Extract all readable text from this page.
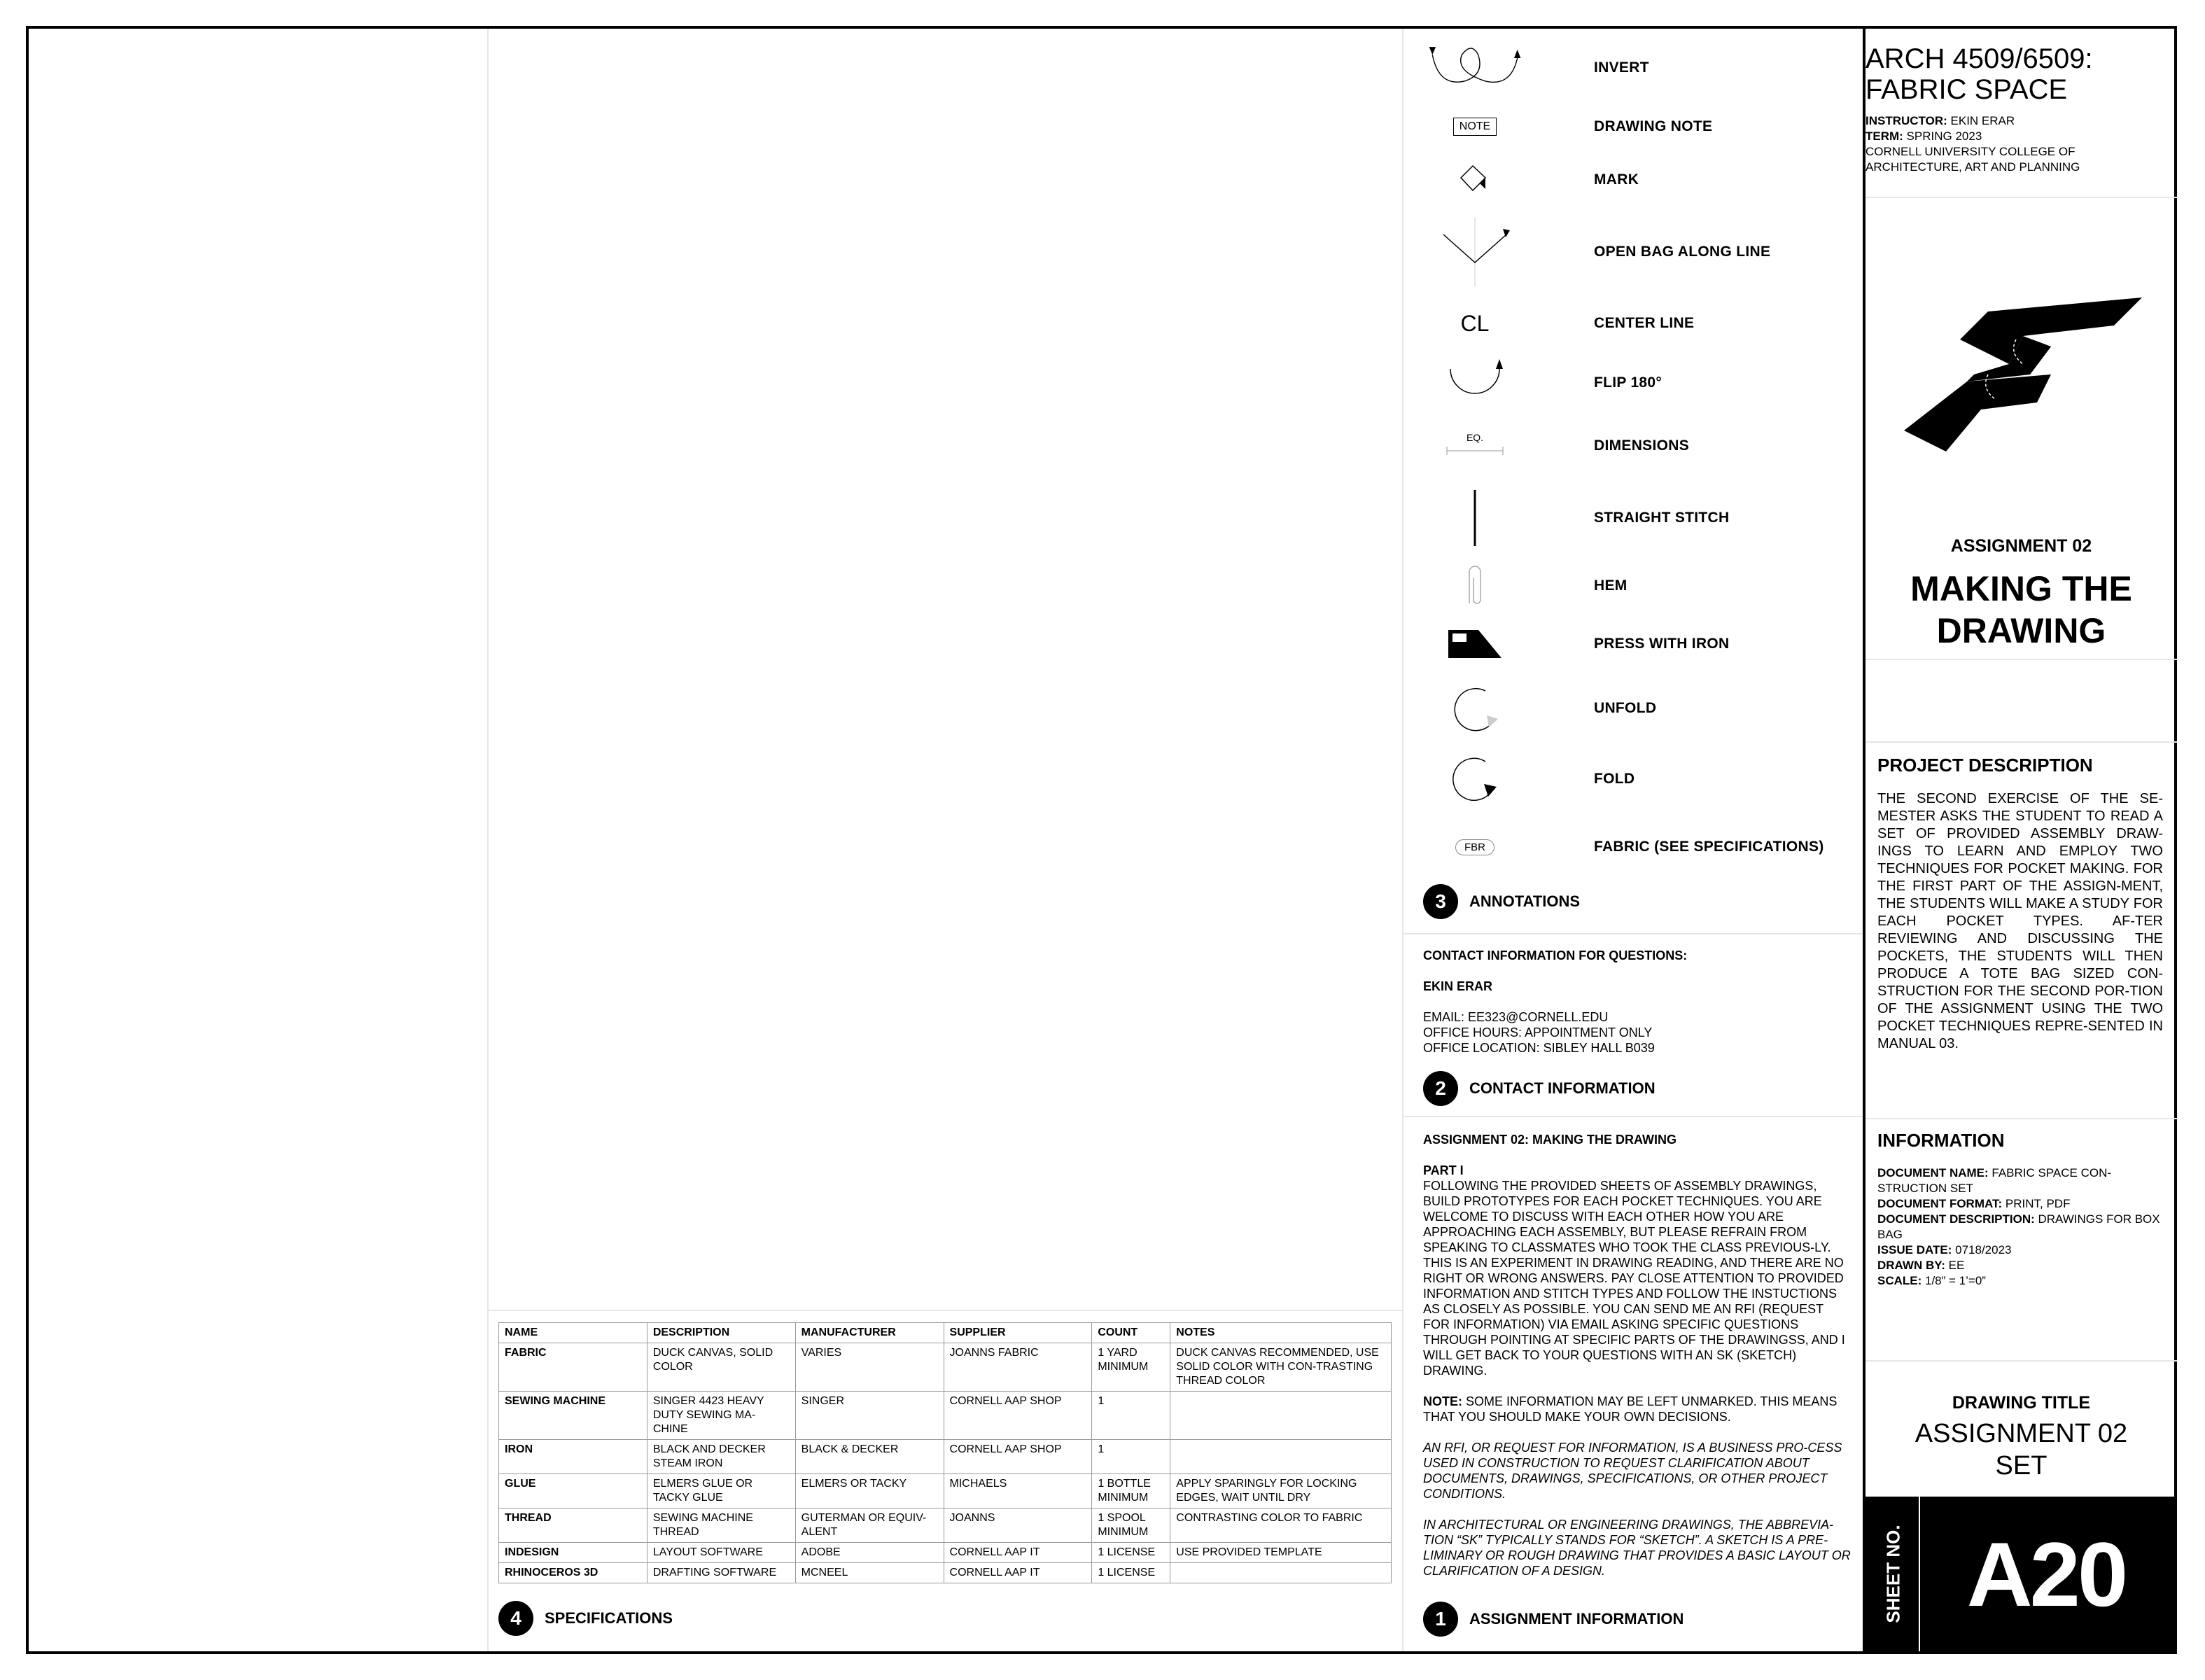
INVERT
NOTE	DRAWING NOTE
MARK
OPEN BAG ALONG LINE
CL	CENTER LINE
FLIP 180°
EQ.	DIMENSIONS
STRAIGHT STITCH
HEM
PRESS WITH IRON
UNFOLD
FOLD
FBR	FABRIC (SEE SPECIFICATIONS)
3	ANNOTATIONS

CONTACT INFORMATION FOR QUESTIONS:

EKIN ERAR

EMAIL: EE323@CORNELL.EDU

OFFICE HOURS: APPOINTMENT ONLY

OFFICE LOCATION: SIBLEY HALL B039

2	CONTACT INFORMATION

ASSIGNMENT 02: MAKING THE DRAWING

PART I

FOLLOWING THE PROVIDED SHEETS OF ASSEMBLY DRAWINGS, BUILD PROTOTYPES FOR EACH POCKET TECHNIQUES. YOU ARE WELCOME TO DISCUSS WITH EACH OTHER HOW YOU ARE APPROACHING EACH ASSEMBLY, BUT PLEASE REFRAIN FROM SPEAKING TO CLASSMATES WHO TOOK THE CLASS PREVIOUS-LY. THIS IS AN EXPERIMENT IN DRAWING READING, AND THERE ARE NO RIGHT OR WRONG ANSWERS. PAY CLOSE ATTENTION TO PROVIDED INFORMATION AND STITCH TYPES AND FOLLOW THE INSTUCTIONS AS CLOSELY AS POSSIBLE. YOU CAN SEND ME AN RFI (REQUEST FOR INFORMATION) VIA EMAIL ASKING SPECIFIC QUESTIONS THROUGH POINTING AT SPECIFIC PARTS OF THE DRAWINGSS, AND I WILL GET BACK TO YOUR QUESTIONS WITH AN SK (SKETCH) DRAWING.

NOTE: SOME INFORMATION MAY BE LEFT UNMARKED. THIS MEANS THAT YOU SHOULD MAKE YOUR OWN DECISIONS.

AN RFI, OR REQUEST FOR INFORMATION, IS A BUSINESS PRO-CESS USED IN CONSTRUCTION TO REQUEST CLARIFICATION ABOUT DOCUMENTS, DRAWINGS, SPECIFICATIONS, OR OTHER PROJECT CONDITIONS.

IN ARCHITECTURAL OR ENGINEERING DRAWINGS, THE ABBREVIA-TION “SK” TYPICALLY STANDS FOR “SKETCH”. A SKETCH IS A PRE-LIMINARY OR ROUGH DRAWING THAT PROVIDES A BASIC LAYOUT OR CLARIFICATION OF A DESIGN.

1	ASSIGNMENT INFORMATION
NAME	DESCRIPTION	MANUFACTURER	SUPPLIER	COUNT	NOTES
FABRIC	DUCK CANVAS, SOLID COLOR	VARIES	JOANNS FABRIC	1 YARD MINIMUM	DUCK CANVAS RECOMMENDED, USE SOLID COLOR WITH CON-TRASTING THREAD COLOR
SEWING MACHINE	SINGER 4423 HEAVY DUTY SEWING MA-CHINE	SINGER	CORNELL AAP SHOP	1	
IRON	BLACK AND DECKER STEAM IRON	BLACK & DECKER	CORNELL AAP SHOP	1	
GLUE	ELMERS GLUE OR TACKY GLUE	ELMERS OR TACKY	MICHAELS	1 BOTTLE MINIMUM	APPLY SPARINGLY FOR LOCKING EDGES, WAIT UNTIL DRY
THREAD	SEWING MACHINE THREAD	GUTERMAN OR EQUIV-ALENT	JOANNS	1 SPOOL MINIMUM	CONTRASTING COLOR TO FABRIC
INDESIGN	LAYOUT SOFTWARE	ADOBE	CORNELL AAP IT	1 LICENSE	USE PROVIDED TEMPLATE
RHINOCEROS 3D	DRAFTING SOFTWARE	MCNEEL	CORNELL AAP IT	1 LICENSE	
4	SPECIFICATIONS
ARCH 4509/6509:
FABRIC SPACE
INSTRUCTOR: EKIN ERAR
TERM: SPRING 2023
CORNELL UNIVERSITY COLLEGE OF ARCHITECTURE, ART AND PLANNING
ASSIGNMENT 02
MAKING THE
DRAWING
PROJECT DESCRIPTION
THE SECOND EXERCISE OF THE SE-MESTER ASKS THE STUDENT TO READ A SET OF PROVIDED ASSEMBLY DRAW-INGS TO LEARN AND EMPLOY TWO TECHNIQUES FOR POCKET MAKING. FOR THE FIRST PART OF THE ASSIGN-MENT, THE STUDENTS WILL MAKE A STUDY FOR EACH POCKET TYPES. AF-TER REVIEWING AND DISCUSSING THE POCKETS, THE STUDENTS WILL THEN PRODUCE A TOTE BAG SIZED CON-STRUCTION FOR THE SECOND POR-TION OF THE ASSIGNMENT USING THE TWO POCKET TECHNIQUES REPRE-SENTED IN MANUAL 03.
INFORMATION
DOCUMENT NAME: FABRIC SPACE CON-STRUCTION SET
DOCUMENT FORMAT: PRINT, PDF
DOCUMENT DESCRIPTION: DRAWINGS FOR BOX BAG
ISSUE DATE: 0718/2023
DRAWN BY: EE
SCALE: 1/8” = 1’=0”
DRAWING TITLE
ASSIGNMENT 02
SET
SHEET NO. A20
